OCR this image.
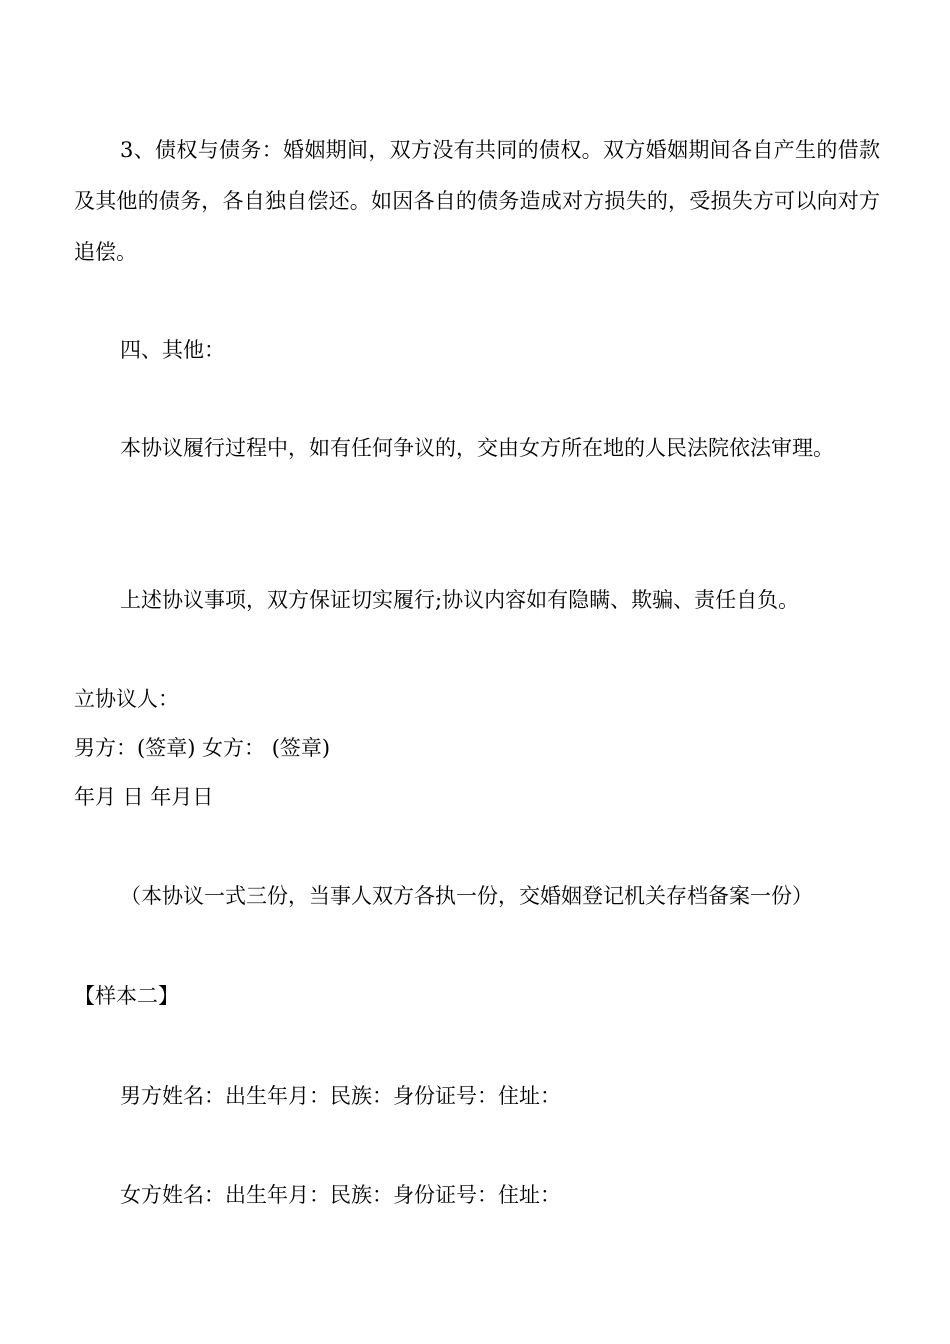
3、债权与债务：婚姻期间，双方没有共同的债权。双方婚姻期间各自产生的借款及其他的债务，各自独自偿还。如因各自的债务造成对方损失的，受损失方可以向对方追偿。

四、其他：
本协议履行过程中，如有任何争议的，交由女方所在地的人民法院依法审理。
上述协议事项，双方保证切实履行;协议内容如有隐瞒、欺骗、责任自负。
立协议人：
男方：(签章) 女方： (签章)
年月 日 年月日
（本协议一式三份，当事人双方各执一份，交婚姻登记机关存档备案一份）
【样本二】
男方姓名：出生年月：民族：身份证号：住址：
女方姓名：出生年月：民族：身份证号：住址：
